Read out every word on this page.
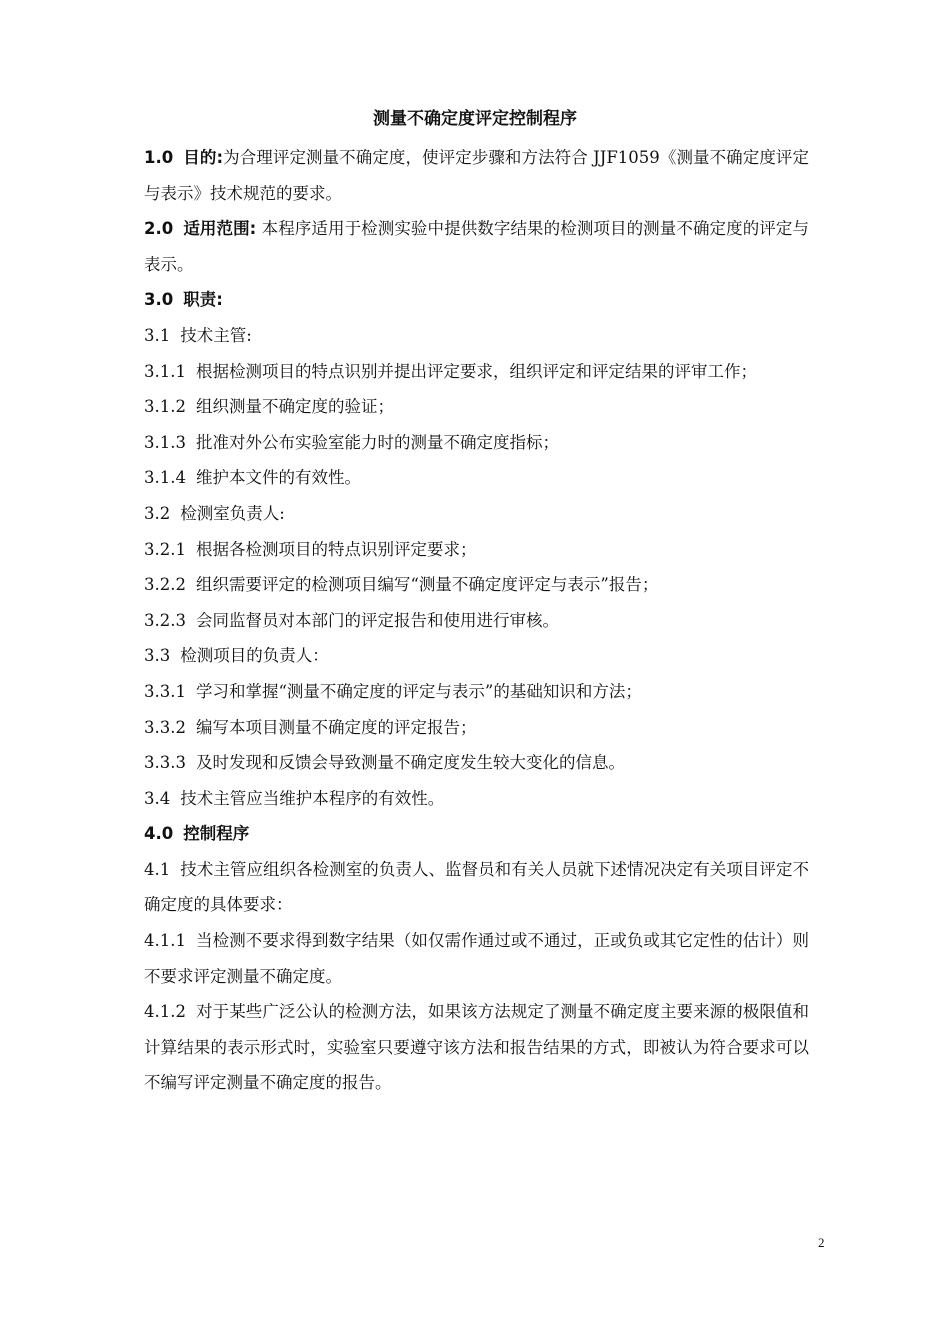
测量不确定度评定控制程序

1.0 目的:为合理评定测量不确定度，使评定步骤和方法符合 JJF1059《测量不确定度评定与表示》技术规范的要求。

2.0 适用范围: 本程序适用于检测实验中提供数字结果的检测项目的测量不确定度的评定与表示。

3.0 职责:

3.1 技术主管:

3.1.1 根据检测项目的特点识别并提出评定要求，组织评定和评定结果的评审工作；

3.1.2 组织测量不确定度的验证；

3.1.3 批准对外公布实验室能力时的测量不确定度指标；

3.1.4 维护本文件的有效性。

3.2 检测室负责人:

3.2.1 根据各检测项目的特点识别评定要求；

3.2.2 组织需要评定的检测项目编写“测量不确定度评定与表示”报告；

3.2.3 会同监督员对本部门的评定报告和使用进行审核。

3.3 检测项目的负责人：

3.3.1 学习和掌握“测量不确定度的评定与表示”的基础知识和方法；

3.3.2 编写本项目测量不确定度的评定报告；

3.3.3 及时发现和反馈会导致测量不确定度发生较大变化的信息。

3.4 技术主管应当维护本程序的有效性。

4.0 控制程序

4.1 技术主管应组织各检测室的负责人、监督员和有关人员就下述情况决定有关项目评定不确定度的具体要求：

4.1.1 当检测不要求得到数字结果（如仅需作通过或不通过，正或负或其它定性的估计）则不要求评定测量不确定度。

4.1.2 对于某些广泛公认的检测方法，如果该方法规定了测量不确定度主要来源的极限值和计算结果的表示形式时，实验室只要遵守该方法和报告结果的方式，即被认为符合要求可以不编写评定测量不确定度的报告。

2
